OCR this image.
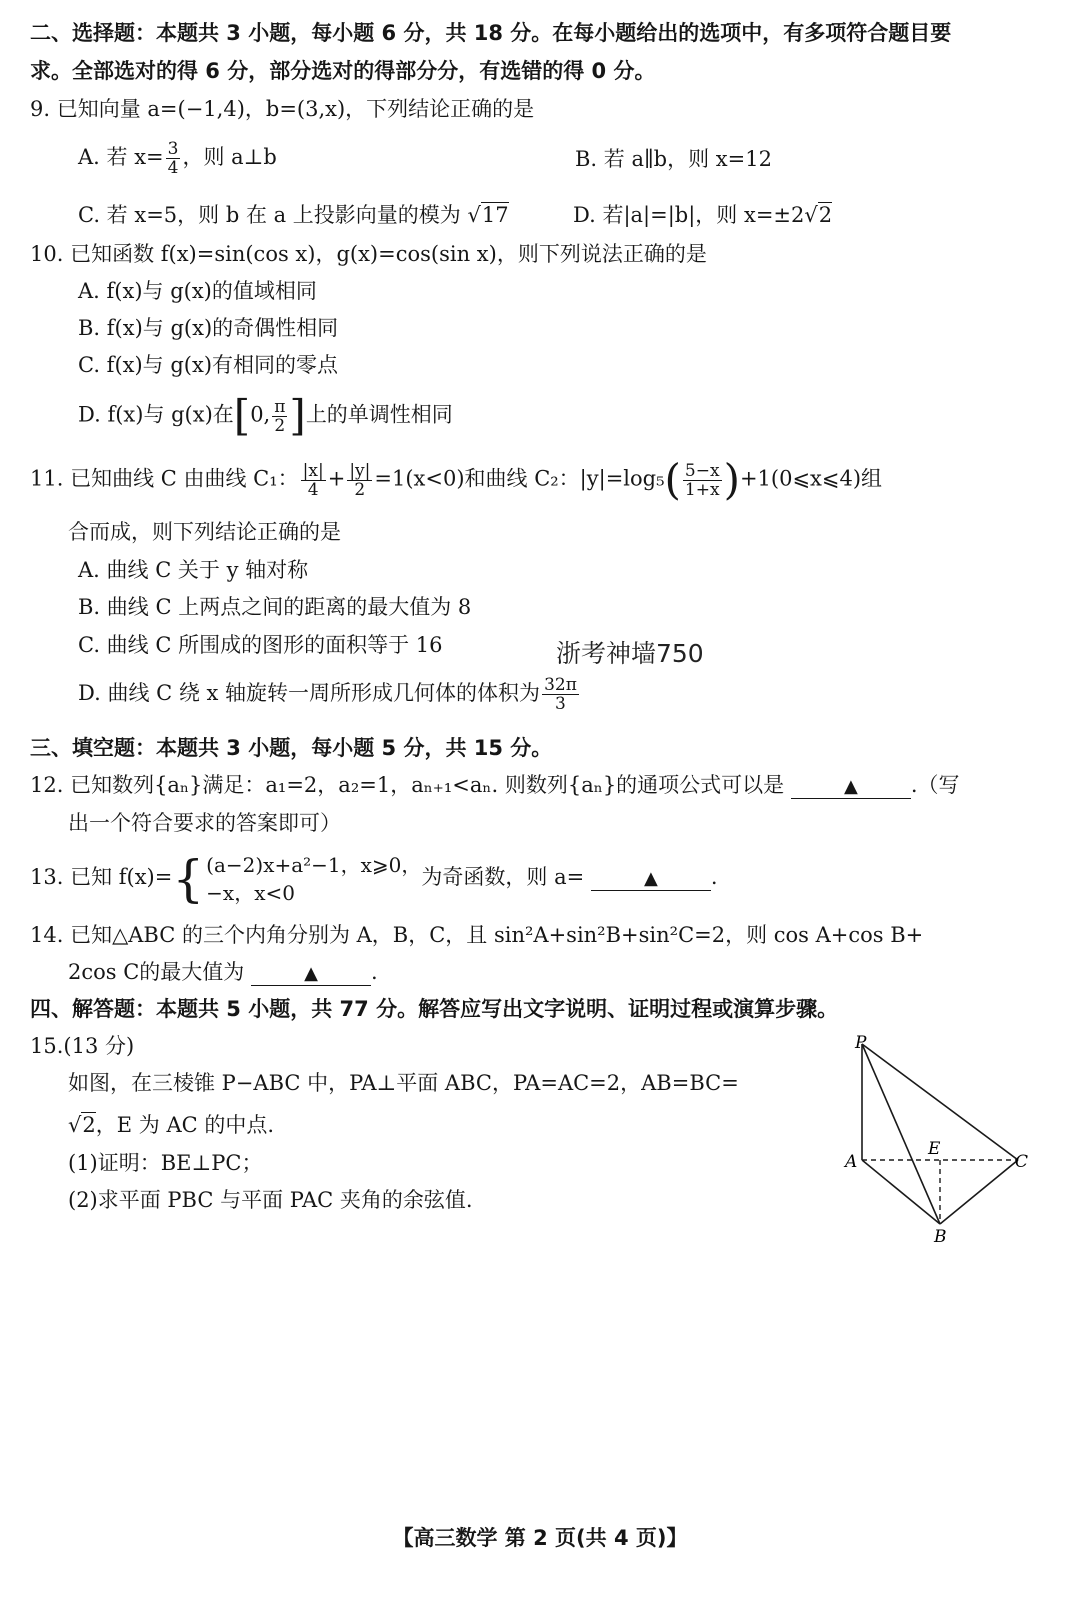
二、选择题：本题共 3 小题，每小题 6 分，共 18 分。在每小题给出的选项中，有多项符合题目要
求。全部选对的得 6 分，部分选对的得部分分，有选错的得 0 分。
9. 已知向量 a=(−1,4)，b=(3,x)，下列结论正确的是
A. 若 $x= \frac{3}{4}$ ，则 a⊥b	B. 若 a∥b，则 x=12
C. 若 x=5，则 b 在 a 上投影向量的模为 √17	D. 若|a|=|b|，则 x=±2√2
10. 已知函数 f(x)=sin(cos x)，g(x)=cos(sin x)，则下列说法正确的是
A. f(x)与 g(x)的值域相同
B. f(x)与 g(x)的奇偶性相同
C. f(x)与 g(x)有相同的零点
D. f(x)与 g(x)在[0, $\frac{\pi}{2}$ ]上的单调性相同
11. 已知曲线 C 由曲线 C₁： $\frac{|x|}{4} + \frac{|y|}{2} =1(x<0)$和曲线 C₂：$|y|=\log_5( \frac{5-x}{1+x}$ )+1(0⩽x⩽4)组
合而成，则下列结论正确的是
A. 曲线 C 关于 y 轴对称
B. 曲线 C 上两点之间的距离的最大值为 8
C. 曲线 C 所围成的图形的面积等于 16	浙考神墙750
D. 曲线 C 绕 x 轴旋转一周所形成几何体的体积为 $\frac{32\pi}{3}$
三、填空题：本题共 3 小题，每小题 5 分，共 15 分。
12. 已知数列{aₙ}满足：a₁=2，a₂=1，aₙ₊₁<aₙ. 则数列{aₙ}的通项公式可以是	▲	.（写
出一个符合要求的答案即可）
13. 已知 f(x)= { (a−2)x+a²−1，x⩾0，
−x，x<0
为奇函数，则 a=	▲	.
14. 已知△ABC 的三个内角分别为 A，B，C，且 sin²A+sin²B+sin²C=2，则 cos A+cos B+
2cos C的最大值为	▲	.
四、解答题：本题共 5 小题，共 77 分。解答应写出文字说明、证明过程或演算步骤。
15.(13 分)
如图，在三棱锥 P−ABC 中，PA⊥平面 ABC，PA=AC=2，AB=BC=
√2，E 为 AC 的中点.
(1)证明：BE⊥PC；
(2)求平面 PBC 与平面 PAC 夹角的余弦值.
P
A
E
C
B
【高三数学 第 2 页(共 4 页)】
